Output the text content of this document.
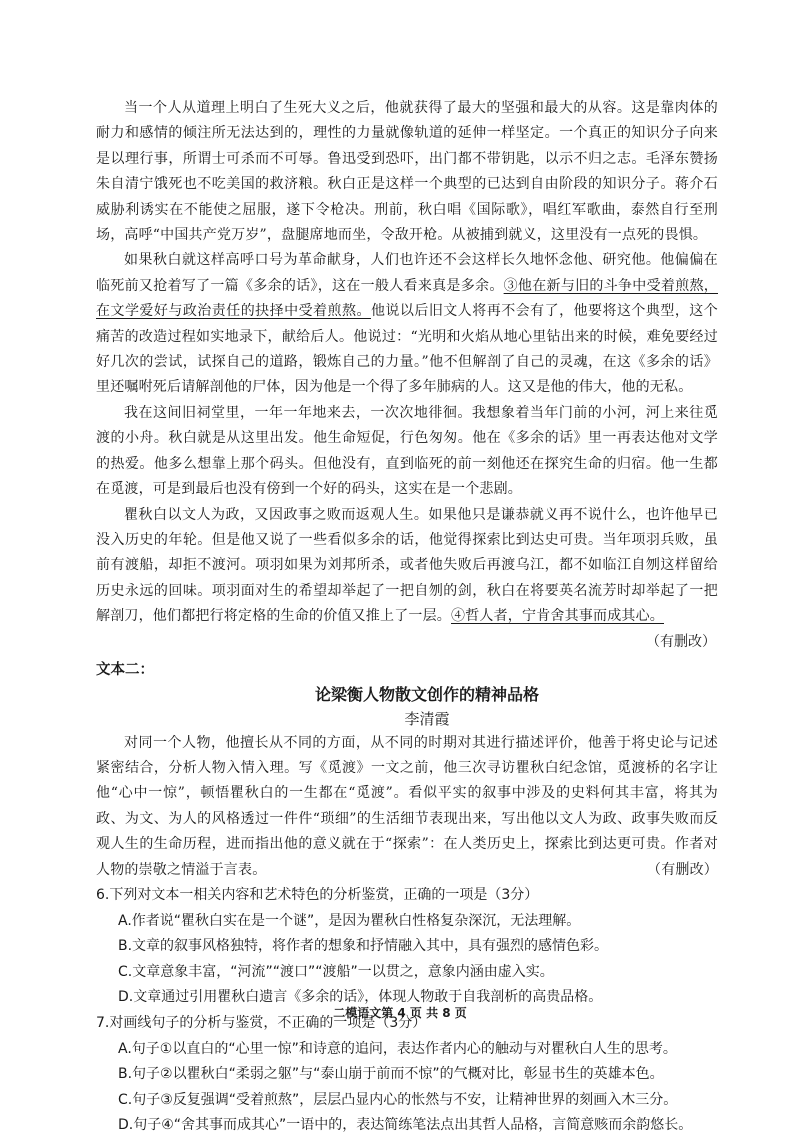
当一个人从道理上明白了生死大义之后，他就获得了最大的坚强和最大的从容。这是靠肉体的耐力和感情的倾注所无法达到的，理性的力量就像轨道的延伸一样坚定。一个真正的知识分子向来是以理行事，所谓士可杀而不可辱。鲁迅受到恐吓，出门都不带钥匙，以示不归之志。毛泽东赞扬朱自清宁饿死也不吃美国的救济粮。秋白正是这样一个典型的已达到自由阶段的知识分子。蒋介石威胁利诱实在不能使之屈服，遂下令枪决。刑前，秋白唱《国际歌》，唱红军歌曲，泰然自行至刑场，高呼“中国共产党万岁”，盘腿席地而坐，令敌开枪。从被捕到就义，这里没有一点死的畏惧。

如果秋白就这样高呼口号为革命献身，人们也许还不会这样长久地怀念他、研究他。他偏偏在临死前又抢着写了一篇《多余的话》，这在一般人看来真是多余。③他在新与旧的斗争中受着煎熬，在文学爱好与政治责任的抉择中受着煎熬。他说以后旧文人将再不会有了，他要将这个典型，这个痛苦的改造过程如实地录下，献给后人。他说过：“光明和火焰从地心里钻出来的时候，难免要经过好几次的尝试，试探自己的道路，锻炼自己的力量。”他不但解剖了自己的灵魂，在这《多余的话》里还嘱咐死后请解剖他的尸体，因为他是一个得了多年肺病的人。这又是他的伟大，他的无私。

我在这间旧祠堂里，一年一年地来去，一次次地徘徊。我想象着当年门前的小河，河上来往觅渡的小舟。秋白就是从这里出发。他生命短促，行色匆匆。他在《多余的话》里一再表达他对文学的热爱。他多么想靠上那个码头。但他没有，直到临死的前一刻他还在探究生命的归宿。他一生都在觅渡，可是到最后也没有傍到一个好的码头，这实在是一个悲剧。

瞿秋白以文人为政，又因政事之败而返观人生。如果他只是谦恭就义再不说什么，也许他早已没入历史的年轮。但是他又说了一些看似多余的话，他觉得探索比到达史可贵。当年项羽兵败，虽前有渡船，却拒不渡河。项羽如果为刘邦所杀，或者他失败后再渡乌江，都不如临江自刎这样留给历史永远的回味。项羽面对生的希望却举起了一把自刎的剑，秋白在将要英名流芳时却举起了一把解剖刀，他们都把行将定格的生命的价值又推上了一层。④哲人者，宁肯舍其事而成其心。

（有删改）
文本二：
论梁衡人物散文创作的精神品格
李清霞

对同一个人物，他擅长从不同的方面，从不同的时期对其进行描述评价，他善于将史论与记述紧密结合，分析人物入情入理。写《觅渡》一文之前，他三次寻访瞿秋白纪念馆，觅渡桥的名字让他“心中一惊”，顿悟瞿秋白的一生都在“觅渡”。看似平实的叙事中涉及的史料何其丰富，将其为政、为文、为人的风格透过一件件“琐细”的生活细节表现出来，写出他以文人为政、政事失败而反观人生的生命历程，进而指出他的意义就在于“探索”：在人类历史上，探索比到达更可贵。作者对人物的崇敬之情溢于言表。	（有删改）

6.下列对文本一相关内容和艺术特色的分析鉴赏，正确的一项是（3分）
A.作者说“瞿秋白实在是一个谜”，是因为瞿秋白性格复杂深沉，无法理解。
B.文章的叙事风格独特，将作者的想象和抒情融入其中，具有强烈的感情色彩。
C.文章意象丰富，“河流”“渡口”“渡船”一以贯之，意象内涵由虚入实。
D.文章通过引用瞿秋白遗言《多余的话》，体现人物敢于自我剖析的高贵品格。
7.对画线句子的分析与鉴赏，不正确的一项是（3分）
A.句子①以直白的“心里一惊”和诗意的追问，表达作者内心的触动与对瞿秋白人生的思考。
B.句子②以瞿秋白“柔弱之躯”与“泰山崩于前而不惊”的气概对比，彰显书生的英雄本色。
C.句子③反复强调“受着煎熬”，层层凸显内心的怅然与不安，让精神世界的刻画入木三分。
D.句子④“舍其事而成其心”一语中的，表达简练笔法点出其哲人品格，言简意赅而余韵悠长。
二模语文第 4 页 共 8 页
